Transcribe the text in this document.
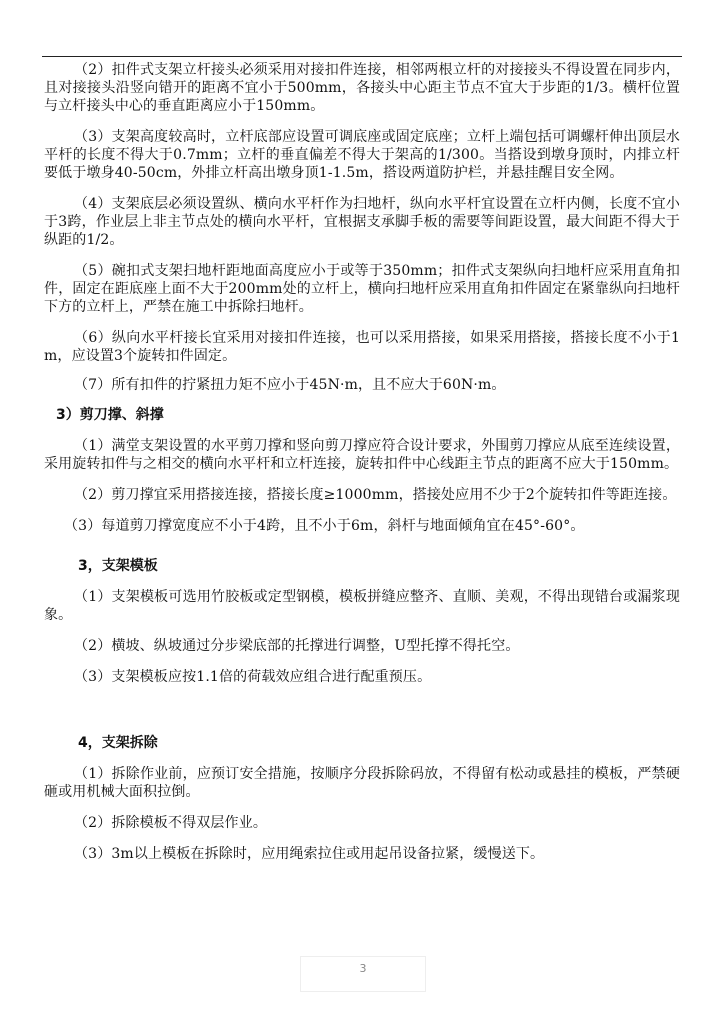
（2）扣件式支架立杆接头必须采用对接扣件连接，相邻两根立杆的对接接头不得设置在同步内，且对接接头沿竖向错开的距离不宜小于500mm，各接头中心距主节点不宜大于步距的1/3。横杆位置与立杆接头中心的垂直距离应小于150mm。

（3）支架高度较高时，立杆底部应设置可调底座或固定底座；立杆上端包括可调螺杆伸出顶层水平杆的长度不得大于0.7mm；立杆的垂直偏差不得大于架高的1/300。当搭设到墩身顶时，内排立杆要低于墩身40-50cm，外排立杆高出墩身顶1-1.5m，搭设两道防护栏，并悬挂醒目安全网。

（4）支架底层必须设置纵、横向水平杆作为扫地杆，纵向水平杆宜设置在立杆内侧，长度不宜小于3跨，作业层上非主节点处的横向水平杆，宜根据支承脚手板的需要等间距设置，最大间距不得大于纵距的1/2。

（5）碗扣式支架扫地杆距地面高度应小于或等于350mm；扣件式支架纵向扫地杆应采用直角扣件，固定在距底座上面不大于200mm处的立杆上，横向扫地杆应采用直角扣件固定在紧靠纵向扫地杆下方的立杆上，严禁在施工中拆除扫地杆。

（6）纵向水平杆接长宜采用对接扣件连接，也可以采用搭接，如果采用搭接，搭接长度不小于1m，应设置3个旋转扣件固定。

（7）所有扣件的拧紧扭力矩不应小于45N·m，且不应大于60N·m。

3）剪刀撑、斜撑

（1）满堂支架设置的水平剪刀撑和竖向剪刀撑应符合设计要求，外围剪刀撑应从底至连续设置，采用旋转扣件与之相交的横向水平杆和立杆连接，旋转扣件中心线距主节点的距离不应大于150mm。

（2）剪刀撑宜采用搭接连接，搭接长度≥1000mm，搭接处应用不少于2个旋转扣件等距连接。

（3）每道剪刀撑宽度应不小于4跨，且不小于6m，斜杆与地面倾角宜在45°-60°。

3，支架模板

（1）支架模板可选用竹胶板或定型钢模，模板拼缝应整齐、直顺、美观，不得出现错台或漏浆现象。

（2）横坡、纵坡通过分步梁底部的托撑进行调整，U型托撑不得托空。

（3）支架模板应按1.1倍的荷载效应组合进行配重预压。

4，支架拆除

（1）拆除作业前，应预订安全措施，按顺序分段拆除码放，不得留有松动或悬挂的模板，严禁硬砸或用机械大面积拉倒。

（2）拆除模板不得双层作业。

（3）3m以上模板在拆除时，应用绳索拉住或用起吊设备拉紧，缓慢送下。

3
